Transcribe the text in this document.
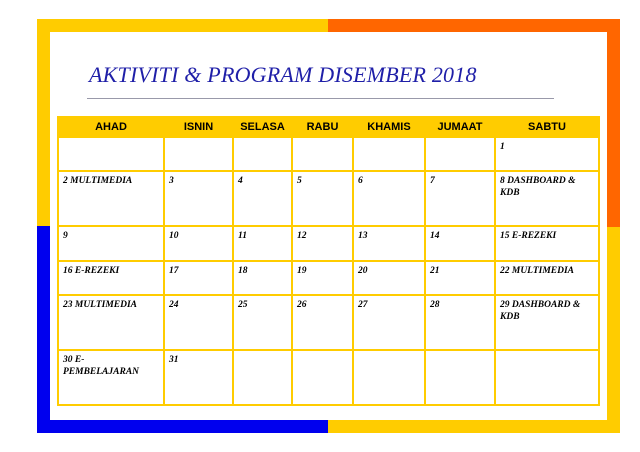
AKTIVITI & PROGRAM DISEMBER 2018
AHAD	ISNIN	SELASA	RABU	KHAMIS	JUMAAT	SABTU
						1
2 MULTIMEDIA	3	4	5	6	7	8 DASHBOARD & KDB
9	10	11	12	13	14	15 E-REZEKI
16 E-REZEKI	17	18	19	20	21	22 MULTIMEDIA
23 MULTIMEDIA	24	25	26	27	28	29 DASHBOARD & KDB
30 E-PEMBELAJARAN	31					
